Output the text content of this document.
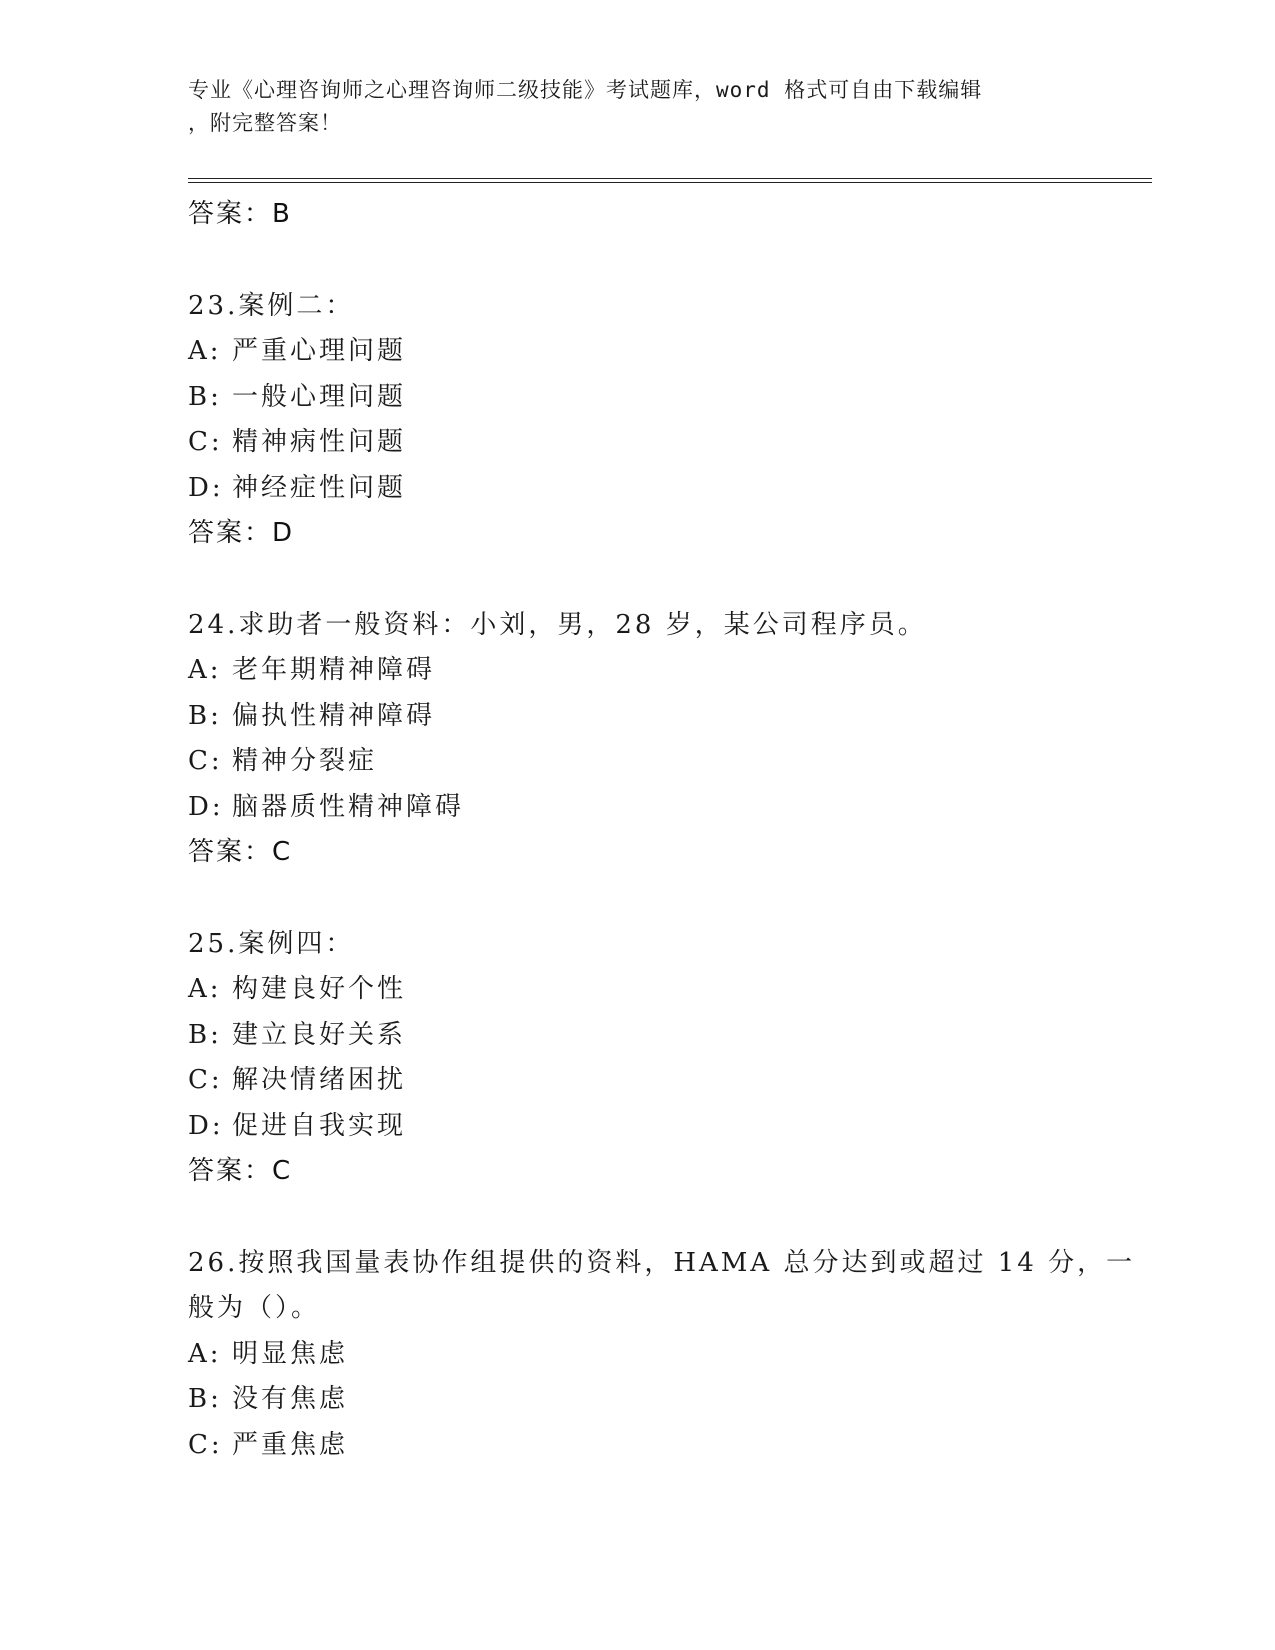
专业《心理咨询师之心理咨询师二级技能》考试题库，word 格式可自由下载编辑
，附完整答案！
答案：B
23.案例二：
A: 严重心理问题
B: 一般心理问题
C: 精神病性问题
D: 神经症性问题
答案：D
24.求助者一般资料：小刘，男，28 岁，某公司程序员。
A: 老年期精神障碍
B: 偏执性精神障碍
C: 精神分裂症
D: 脑器质性精神障碍
答案：C
25.案例四：
A: 构建良好个性
B: 建立良好关系
C: 解决情绪困扰
D: 促进自我实现
答案：C
26.按照我国量表协作组提供的资料，HAMA 总分达到或超过 14 分，一
般为（）。
A: 明显焦虑
B: 没有焦虑
C: 严重焦虑
